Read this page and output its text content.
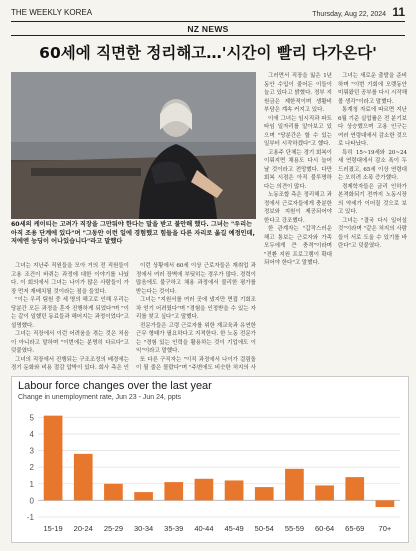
THE WEEKLY KOREA	Thursday, Aug 22, 2024 11
NZ NEWS
60세에 직면한 정리해고…'시간이 빨리 다가온다'
60세의 케이티는 고려가 직장을 그만둬야 한다는 말을 받고 불안해 했다. 그녀는 "우리는 아직 조용 단계에 있다"며 "그동안 이런 일에 경험했고 힘들을 다른 자리로 옮길 예정인데, 저에엔 능딩이 어나있습니다"라고 말했다

그녀는 지난주 직원들을 모아 거의 전 직원들이 고용 조건이 바뀌는 과정에 대한 이야기를 나눴다. 이 회의에서 그녀는 나이가 많은 사람들이 가장 먼저 재배치될 것이라는 점을 들었다.

"이는 우리 팀원 중 세 명의 해고로 인해 우리는 당분간 모든 과정을 혼자 진행하게 되었다"며 "이는 같이 일했던 동료들과 헤어지는 과정이었다"고 설명했다.

그녀는 직장에서 이런 어려움을 겪는 것은 처음이 아니라고 말하며 "이번에는 분명히 다르다"고 덧붙였다.

그녀의 직장에서 진행되는 구조조정의 배경에는 경기 둔화와 비용 절감 압박이 있다. 회사 측은 인

이런 상황에서 60세 이상 근로자들은 재취업 과정에서 여러 장벽에 부딪히는 경우가 많다. 경력이 많음에도 불구하고 채용 과정에서 불리한 평가를 받는다는 것이다.

그녀는 "지원서를 여러 곳에 냈지만 면접 기회조차 얻기 어려웠다"며 "경험을 인정받을 수 있는 자리를 찾고 싶다"고 말했다.

전문가들은 고령 근로자를 위한 재교육과 유연한 근무 형태가 필요하다고 지적한다. 한 노동 전문가는 "경험 있는 인력을 활용하는 것이 기업에도 이익"이라고 말했다.

또 다른 구직자는 "이직 과정에서 나이가 걸림돌이 될 줄은 몰랐다"며 "주변에도 비슷한 처지의 사

그러면서 직장을 잃은 1년 동안 수입이 줄어든 이들이 늘고 있다고 밝혔다. 정부 지원금은 제한적이며 생활비 부담은 계속 커지고 있다.

이에 그녀는 임시직과 파트타임 일자리를 알아보고 있으며 "당분간은 할 수 있는 일부터 시작하겠다"고 했다.

고용주 단체는 경기 회복이 이뤄지면 채용도 다시 늘어날 것이라고 전망했다. 다만 회복 시점은 아직 불투명하다는 의견이 많다.

노동조합 측은 정리해고 과정에서 근로자들에게 충분한 정보와 지원이 제공되어야 한다고 강조했다.

한 관계자는 "갑작스러운 해고 통보는 근로자와 가족 모두에게 큰 충격"이라며 "전환 지원 프로그램이 확대되어야 한다"고 말했다.

그녀는 새로운 출발을 준비하며 "이번 기회에 오랫동안 미뤄왔던 공부를 다시 시작해 볼 생각"이라고 말했다.

통계청 자료에 따르면 지난 6월 기준 실업률은 전 분기보다 상승했으며 고용 인구는 여러 연령대에서 감소한 것으로 나타났다.

특히 15~19세와 20~24세 연령대에서 감소 폭이 두드러졌고, 65세 이상 연령대는 오히려 소폭 증가했다.

경제학자들은 금리 인하가 본격화되기 전까지 노동시장의 약세가 이어질 것으로 보고 있다.

그녀는 "결국 다시 일어설 것"이라며 "같은 처지의 사람들이 서로 도울 수 있기를 바란다"고 덧붙였다.

Labour force changes over the last year
Change in unemployment rate, Jun 23 - Jun 24, ppts
-1
0
1
2
3
4
5
15-19 20-24 25-29 30-34 35-39 40-44 45-49 50-54 55-59 60-64 65-69 70+
